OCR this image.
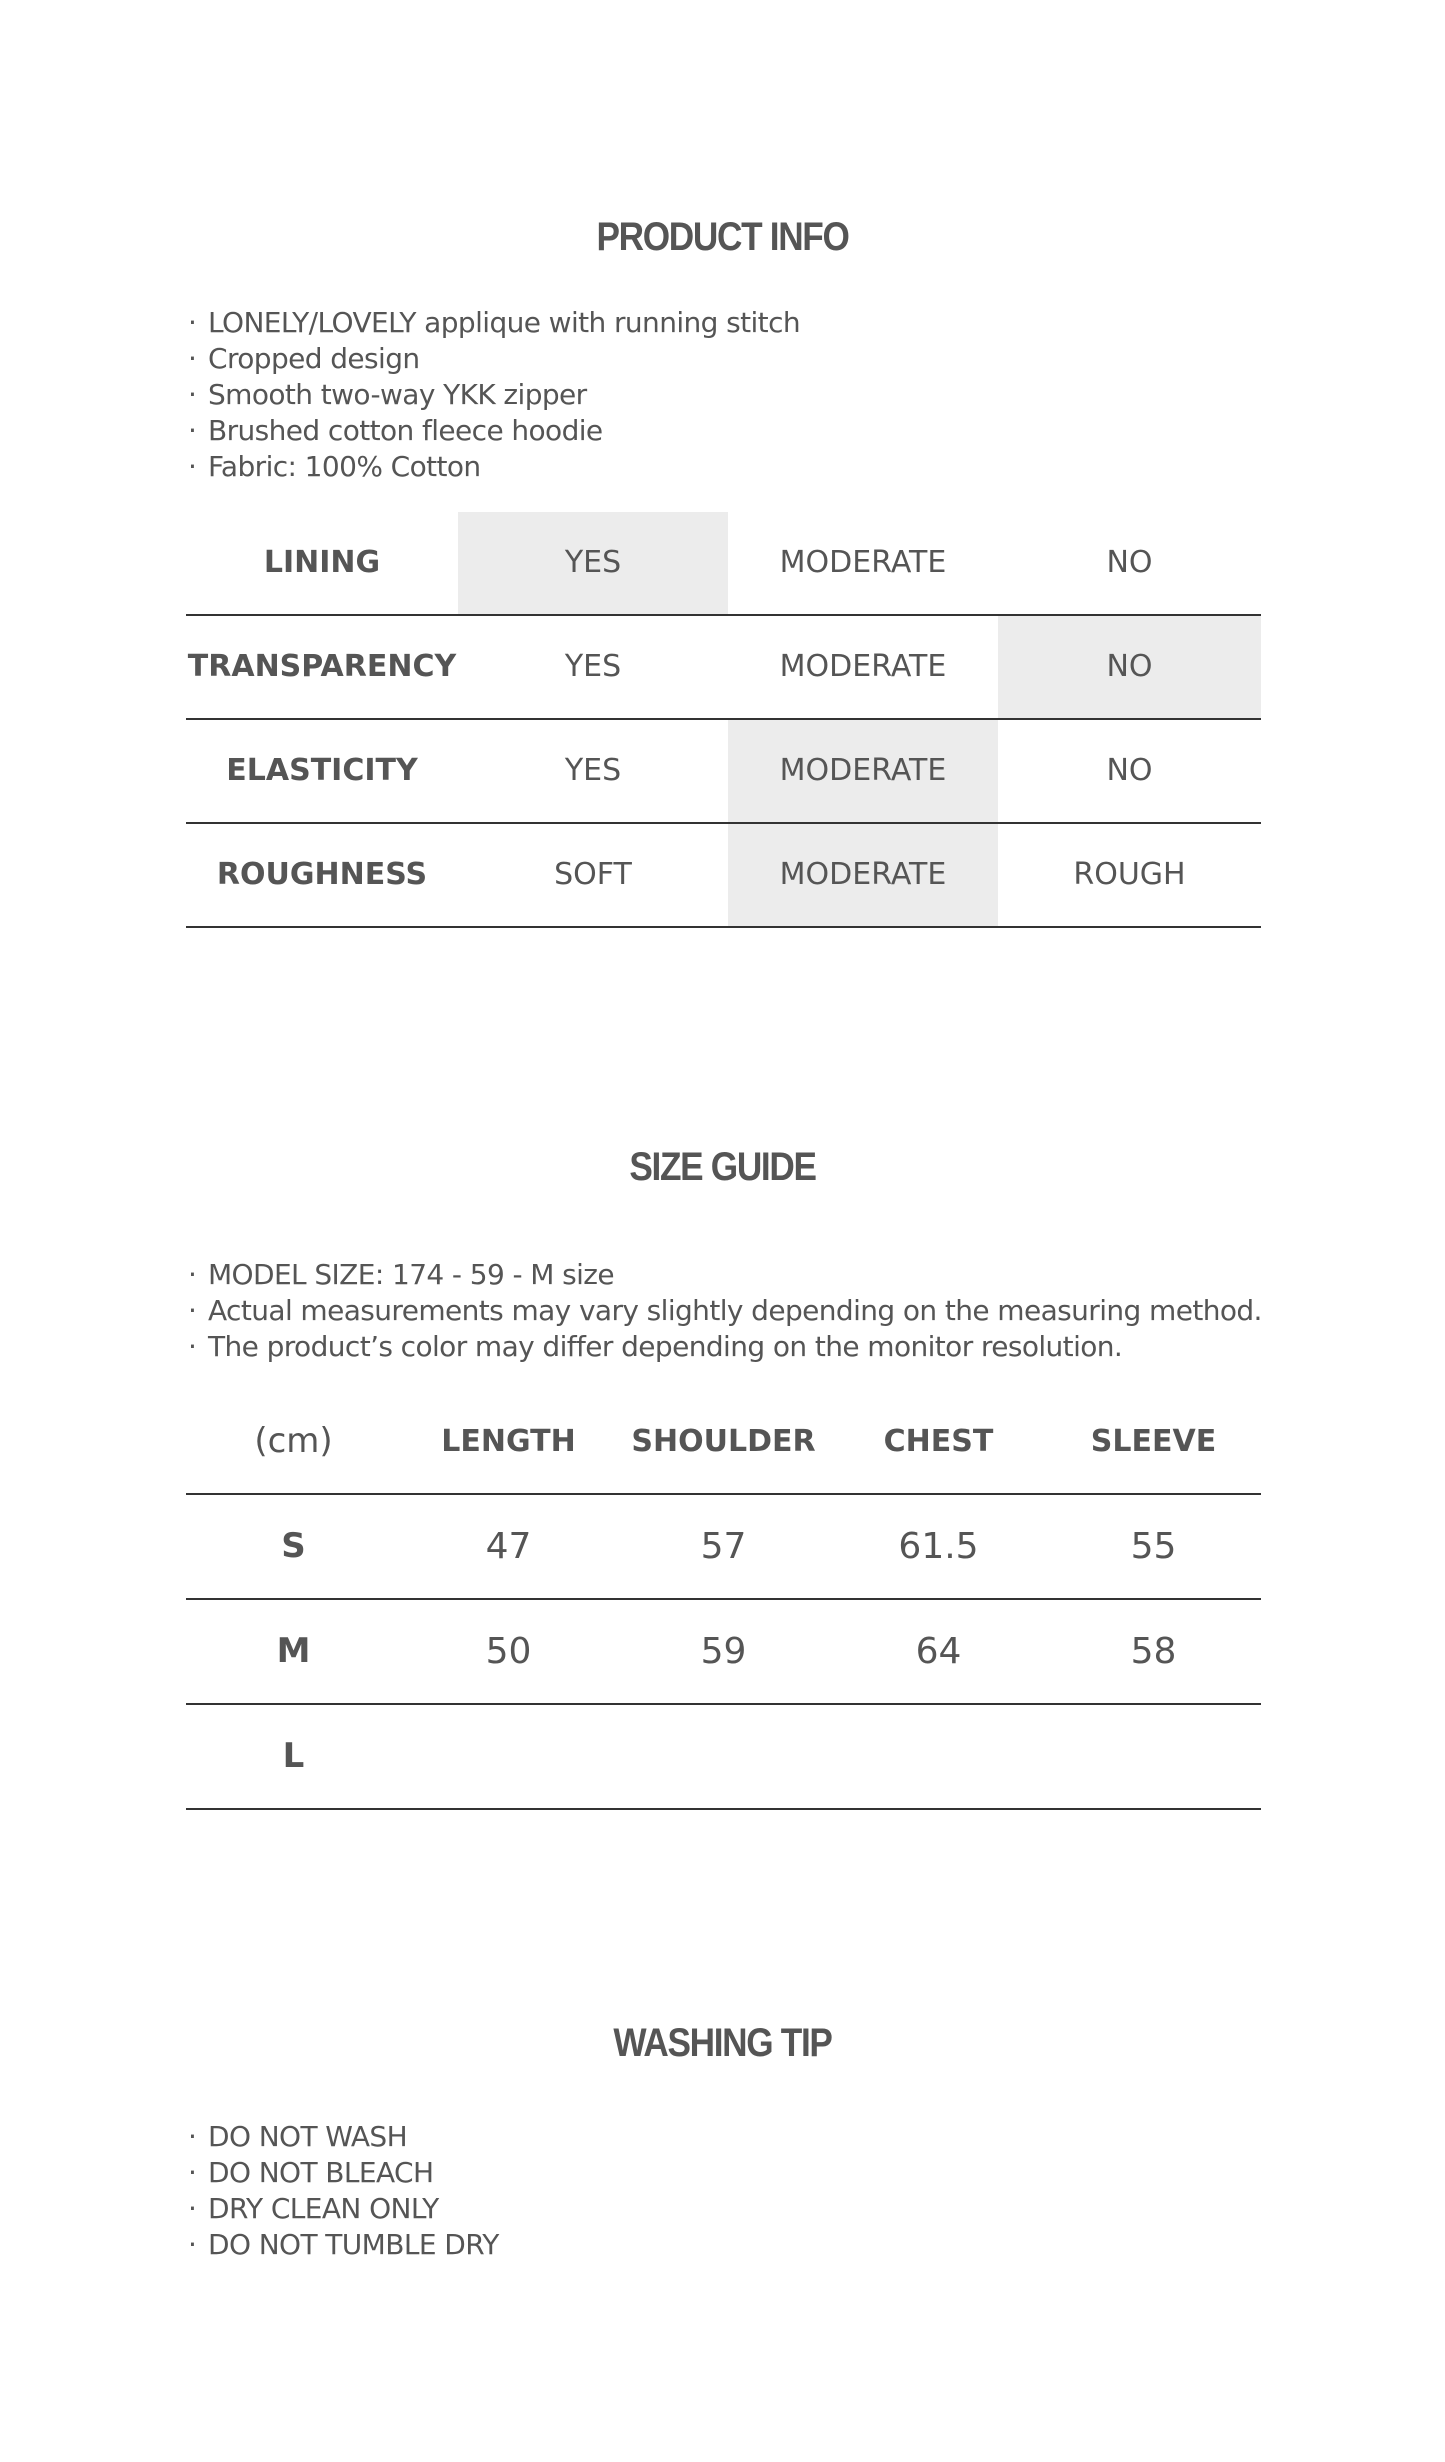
PRODUCT INFO
· LONELY/LOVELY applique with running stitch
· Cropped design
· Smooth two-way YKK zipper
· Brushed cotton fleece hoodie
· Fabric: 100% Cotton
LINING	YES	MODERATE	NO
TRANSPARENCY	YES	MODERATE	NO
ELASTICITY	YES	MODERATE	NO
ROUGHNESS	SOFT	MODERATE	ROUGH
SIZE GUIDE
· MODEL SIZE: 174 - 59 - M size
· Actual measurements may vary slightly depending on the measuring method.
· The product’s color may differ depending on the monitor resolution.
(cm)	LENGTH	SHOULDER	CHEST	SLEEVE
S	47	57	61.5	55
M	50	59	64	58
L
WASHING TIP
· DO NOT WASH
· DO NOT BLEACH
· DRY CLEAN ONLY
· DO NOT TUMBLE DRY
